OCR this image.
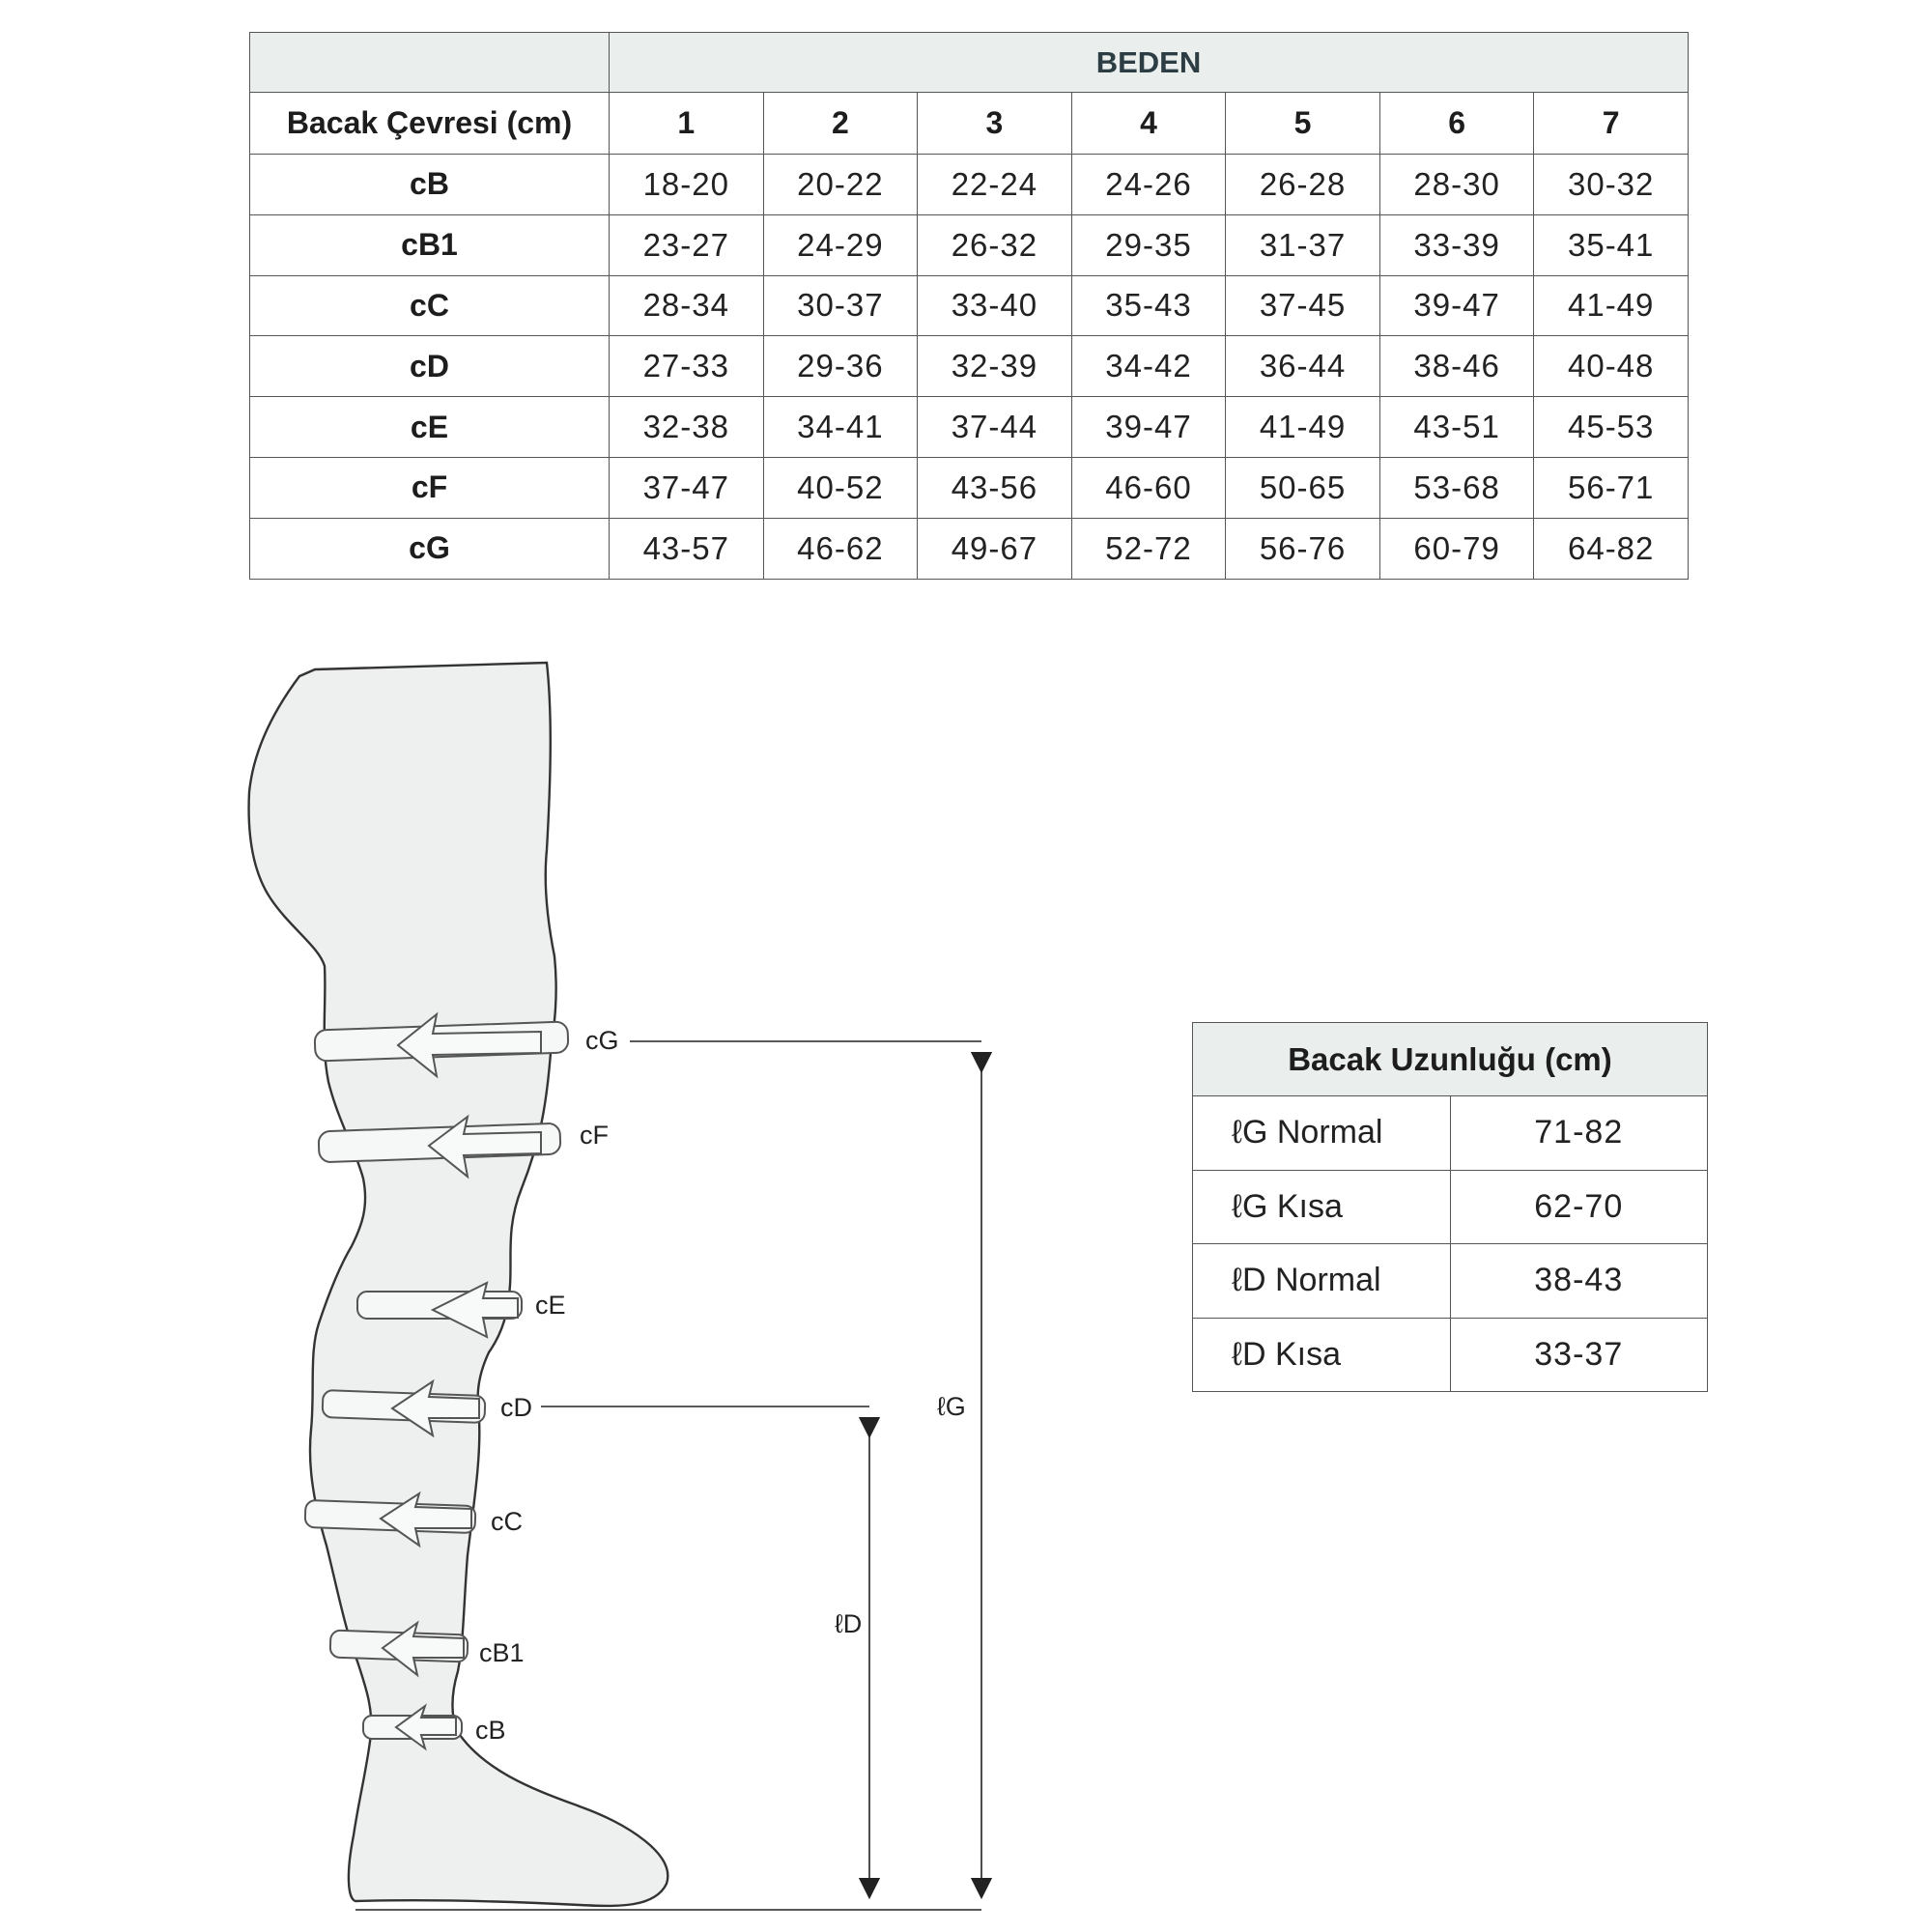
	BEDEN						
Bacak Çevresi (cm)	1	2	3	4	5	6	7
cB	18-20	20-22	22-24	24-26	26-28	28-30	30-32
cB1	23-27	24-29	26-32	29-35	31-37	33-39	35-41
cC	28-34	30-37	33-40	35-43	37-45	39-47	41-49
cD	27-33	29-36	32-39	34-42	36-44	38-46	40-48
cE	32-38	34-41	37-44	39-47	41-49	43-51	45-53
cF	37-47	40-52	43-56	46-60	50-65	53-68	56-71
cG	43-57	46-62	49-67	52-72	56-76	60-79	64-82
cG
cF
cE
cD
cC
cB1
cB
ℓG
ℓD
Bacak Uzunluğu (cm)	
ℓG Normal	71-82
ℓG Kısa	62-70
ℓD Normal	38-43
ℓD Kısa	33-37
